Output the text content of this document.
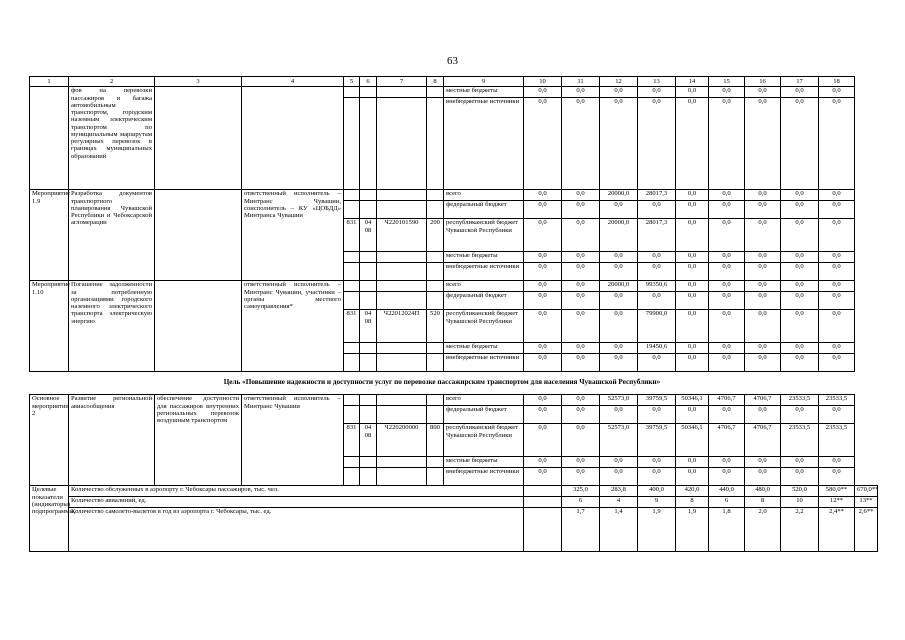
63
1	2	3	4	5	6	7	8	9	10	11	12	13	14	15	16	17	18	
	фов на перевозки пассажиров и багажа автомобильным транспортом, городским наземным электрическим транспортом по муниципальным маршрутам регулярных перевозок в границах муниципальных образований							местные бюджеты	0,0	0,0	0,0	0,0	0,0	0,0	0,0	0,0	0,0	
								внебюджетные источники	0,0	0,0	0,0	0,0	0,0	0,0	0,0	0,0	0,0	
Мероприятие 1.9	Разработка документов транспортного планирования Чувашской Республики и Чебоксарской агломерации		ответственный исполнитель – Минтранс Чувашии, соисполнитель – КУ «ЦОБДД» Минтранса Чувашии					всего	0,0	0,0	20000,0	28017,3	0,0	0,0	0,0	0,0	0,0	
								федеральный бюджет	0,0	0,0	0,0	0,0	0,0	0,0	0,0	0,0	0,0	
				831	04 08	Ч220101590	200	республиканский бюджет Чувашской Республики	0,0	0,0	20000,0	28017,3	0,0	0,0	0,0	0,0	0,0	
								местные бюджеты	0,0	0,0	0,0	0,0	0,0	0,0	0,0	0,0	0,0	
								внебюджетные источники	0,0	0,0	0,0	0,0	0,0	0,0	0,0	0,0	0,0	
Мероприятие 1.10	Погашение задолженности за потребленную организациями городского наземного электрического транспорта электрическую энергию		ответственный исполнитель – Минтранс Чувашии, участники – органы местного самоуправления*					всего	0,0	0,0	20000,0	99350,6	0,0	0,0	0,0	0,0	0,0	
								федеральный бюджет	0,0	0,0	0,0	0,0	0,0	0,0	0,0	0,0	0,0	
				831	04 08	Ч22012024П	520	республиканский бюджет Чувашской Республики	0,0	0,0	0,0	79900,0	0,0	0,0	0,0	0,0	0,0	
								местные бюджеты	0,0	0,0	0,0	19450,6	0,0	0,0	0,0	0,0	0,0	
								внебюджетные источники	0,0	0,0	0,0	0,0	0,0	0,0	0,0	0,0	0,0	
Цель «Повышение надежности и доступности услуг по перевозке пассажирским транспортом для населения Чувашской Республики»																		
Основное мероприятие 2	Развитие региональной авиасообщения	обеспечение доступности для пассажиров внутренних региональных перевозок воздушным транспортом	ответственный исполнитель – Минтранс Чувашии					всего	0,0	0,0	52573,0	39759,5	50346,1	4706,7	4706,7	23533,5	23533,5	
								федеральный бюджет	0,0	0,0	0,0	0,0	0,0	0,0	0,0	0,0	0,0	
				831	04 08	Ч220200000	800	республиканский бюджет Чувашской Республики	0,0	0,0	52573,0	39759,5	50346,1	4706,7	4706,7	23533,5	23533,5	
								местные бюджеты	0,0	0,0	0,0	0,0	0,0	0,0	0,0	0,0	0,0	
								внебюджетные источники	0,0	0,0	0,0	0,0	0,0	0,0	0,0	0,0	0,0	
Целевые показатели (индикаторы) подпрограммы,	Количество обслуженных в аэропорту г. Чебоксары пассажиров, тыс. чел.									325,0	283,8	400,0	420,0	440,0	480,0	520,0	580,0**	670,0**
	Количество авиалиний, ед.									6	4	9	8	6	8	10	12**	13**
	Количество самолето-вылетов в год из аэропорта г. Чебоксары, тыс. ед.									1,7	1,4	1,9	1,9	1,8	2,0	2,2	2,4**	2,6**
